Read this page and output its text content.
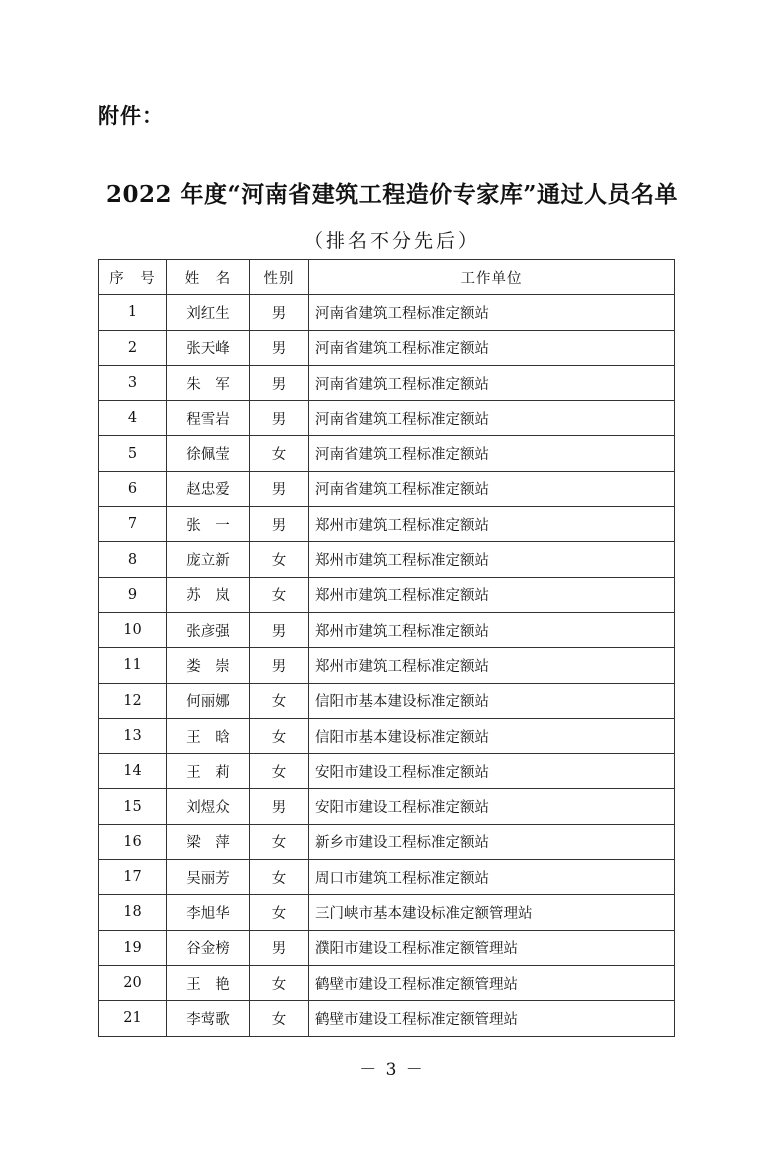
附件：
2022 年度“河南省建筑工程造价专家库”通过人员名单
（排名不分先后）
序　号	姓　名	性别	工作单位
1	刘红生	男	河南省建筑工程标准定额站
2	张天峰	男	河南省建筑工程标准定额站
3	朱　军	男	河南省建筑工程标准定额站
4	程雪岩	男	河南省建筑工程标准定额站
5	徐佩莹	女	河南省建筑工程标准定额站
6	赵忠爱	男	河南省建筑工程标准定额站
7	张　一	男	郑州市建筑工程标准定额站
8	庞立新	女	郑州市建筑工程标准定额站
9	苏　岚	女	郑州市建筑工程标准定额站
10	张彦强	男	郑州市建筑工程标准定额站
11	娄　崇	男	郑州市建筑工程标准定额站
12	何丽娜	女	信阳市基本建设标准定额站
13	王　晗	女	信阳市基本建设标准定额站
14	王　莉	女	安阳市建设工程标准定额站
15	刘煜众	男	安阳市建设工程标准定额站
16	梁　萍	女	新乡市建设工程标准定额站
17	吴丽芳	女	周口市建筑工程标准定额站
18	李旭华	女	三门峡市基本建设标准定额管理站
19	谷金榜	男	濮阳市建设工程标准定额管理站
20	王　艳	女	鹤壁市建设工程标准定额管理站
21	李莺歌	女	鹤壁市建设工程标准定额管理站
－ 3 －
